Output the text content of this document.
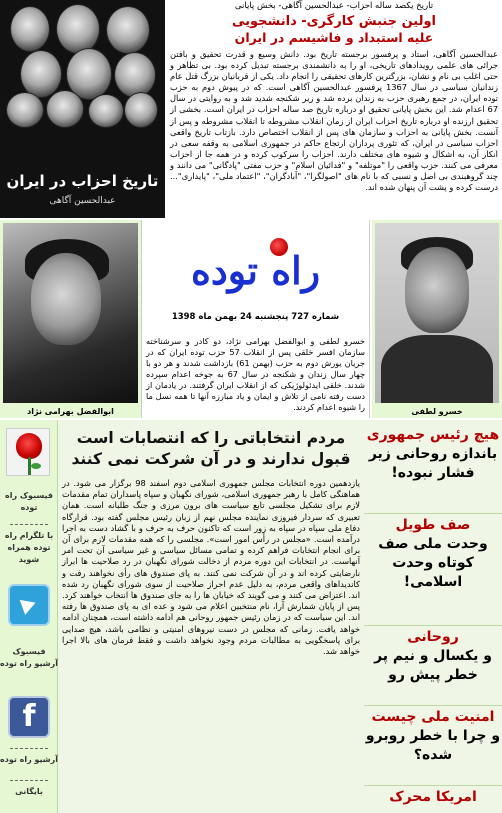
تاریخ احزاب در ایران
عبدالحسین آگاهی
تاریخ یکصد ساله احزاب- عبدالحسین آگاهی- بخش پایانی
اولین جنبش کارگری- دانشجویی
علیه استبداد و فاشیسم در ایران
عبدالحسین آگاهی، استاد و پرفسور برجسته تاریخ بود. دانش وسیع و قدرت تحقیق و بافتن جرائی های علمی رویدادهای تاریخی، او را به دانشمندی برجسته تبدیل کرده بود. بی تظاهر و حتی اغلب بی نام و نشان، بزرگترین کارهای تحقیقی را انجام داد. یکی از قربانیان بزرگ قتل عام زندانیان سیاسی در سال 1367 پرفسور عبدالحسین آگاهی است. که در پیوش دوم به حزب توده ایران، در جمع رهبری حزب به زندان برده شد و زیر شکنجه شدید شد و به روایتی در سال 67 اعدام شد. این بخش پایانی تحقیق او درباره تاریخ صد ساله احزاب در ایران است. بخشی از تحقیق ارزنده او درباره تاریخ احزاب ایران از زمان انقلاب مشروطه تا انقلاب مشروطه و پس از آنست. بخش پایانی به احزاب و سازمان های پس از انقلاب اختصاص دارد. بازتاب تاریخ واقعی احزاب سیاسی در ایران، که تئوری پردازان ارتجاع حاکم در جمهوری اسلامی به وقفه سعی در انکار آن، به اشکال و شیوه های مختلف دارند. احزاب را سرکوب کرده و در همه جا از احزاب معرفی می کنند. حزب واقعی را "موتلفه" و "فدائیان اسلام" و حزب مفتی "پادگانی" می دانند و چند گروهبندی بی اصل و نسبی که با نام های "اصولگرا"، "آبادگران"، "اعتماد ملی"، "پایداری"... درست کرده و پشت آن پنهان شده اند.
ابوالفضل بهرامی نژاد
راه توده
شماره 727 پنجشنبه 24 بهمن ماه 1398
خسرو لطفی و ابوالفضل بهرامی نژاد، دو کادر و سرشناخته سازمان افسر خلقی پس از انقلاب 57 حزب توده ایران که در جریان یورش دوم به حزب (بهمن 61) بازداشت شدند و هر دو با چهار سال زندان و شکنجه در سال 67 به جوخه اعدام سپرده شدند. خلقی ایدئولوژیکی که از انقلاب ایران گرفتند. در یادمان از دست رفته نامی از تلاش و ایمان و یاد مبارزه آنها تا همه نسل ما را شیوه اعدام کردند.	خسرو لطفی
فیسبوک راه توده
با تلگرام راه توده همراه شوید
فیسبوک آرشیو راه توده
f
آرشیو راه توده
بایگانی
مردم انتخاباتی را که انتصابات است
قبول ندارند و در آن شرکت نمی کنند
یازدهمین دوره انتخابات مجلس جمهوری اسلامی دوم اسفند 98 برگزار می شود. در هماهنگی کامل با رهبر جمهوری اسلامی، شورای نگهبان و سپاه پاسداران تمام مقدمات لازم برای تشکیل مجلسی تابع سیاست های برون مرزی و جنگ طلبانه است. همان تعبیری که سردار فیروزی نماینده مجلس نهم از زبان رئیس مجلس گفته بود. قرارگاه دفاع ملی سپاه در سپاه به زور است که تاکنون حرف به حرف و با گشاد دست به اجرا درآمده است. «مجلس در رأس امور است». مجلسی را که همه مقدمات لازم برای آن برای انجام انتخابات فراهم کرده و تمامی مسائل سیاسی و غیر سیاسی آن تحت امر آنهاست. در انتخابات این دوره مردم از دخالت شورای نگهبان در رد صلاحیت ها ابراز نارضایتی کرده اند و در آن شرکت نمی کنند. به پای صندوق های رأی نخواهند رفت و کاندیداهای واقعی مردم، به دلیل عدم احراز صلاحیت از سوی شورای نگهبان رد شده اند. اعتراض می کنند و می گویند که خیابان ها را به جای صندوق ها انتخاب خواهند کرد. پس از پایان شمارش آرا، نام منتخبین اعلام می شود و عده ای به پای صندوق ها رفته اند. این سیاست که در زمان رئیس جمهور روحانی هم ادامه داشته است، همچنان ادامه خواهد یافت. زمانی که مجلس در دست نیروهای امنیتی و نظامی باشد، هیچ صدایی برای پاسخگویی به مطالبات مردم وجود نخواهد داشت و فقط فرمان های بالا اجرا خواهد شد.
هیچ رئیس جمهوری
باندازه روحانی زیر فشار نبوده!
صف طویل
وحدت ملی صف کوتاه وحدت اسلامی!
روحانی
و یکسال و نیم پر خطر پیش رو
امنیت ملی چیست
و چرا با خطر روبرو شده؟
امریکا محرک
